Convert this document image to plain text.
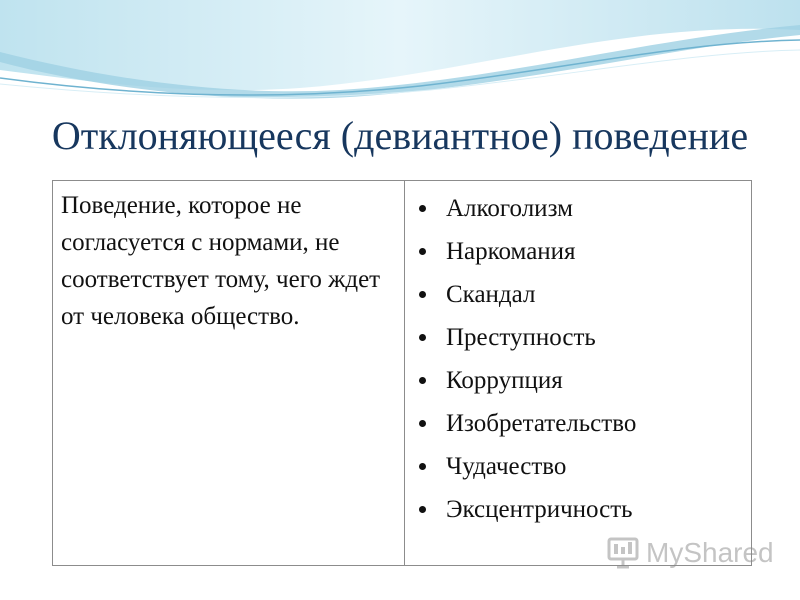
Отклоняющееся (девиантное) поведение

Поведение, которое не согласуется с нормами, не соответствует тому, чего ждет от человека общество.

Алкоголизм
Наркомания
Скандал
Преступность
Коррупция
Изобретательство
Чудачество
Эксцентричность
MyShared
